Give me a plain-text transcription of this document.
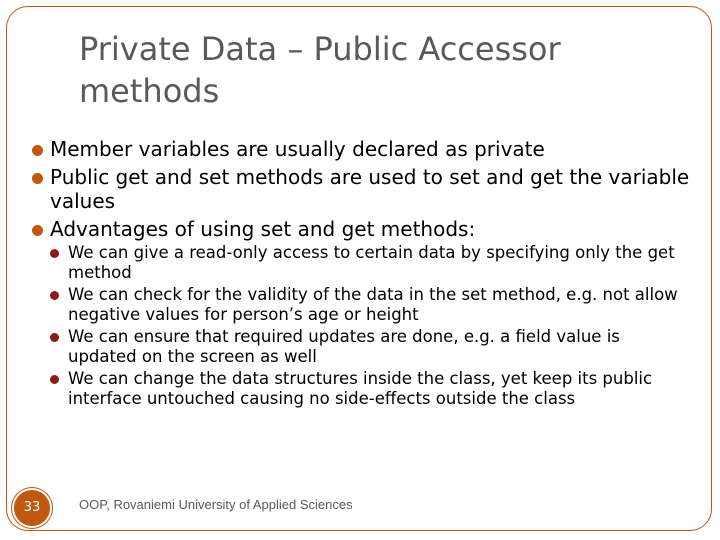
Private Data – Public Accessor methods
Member variables are usually declared as private
Public get and set methods are used to set and get the variable values
Advantages of using set and get methods:
We can give a read-only access to certain data by specifying only the get method
We can check for the validity of the data in the set method, e.g. not allow negative values for person’s age or height
We can ensure that required updates are done, e.g. a field value is updated on the screen as well
We can change the data structures inside the class, yet keep its public interface untouched causing no side-effects outside the class
33	OOP, Rovaniemi University of Applied Sciences
